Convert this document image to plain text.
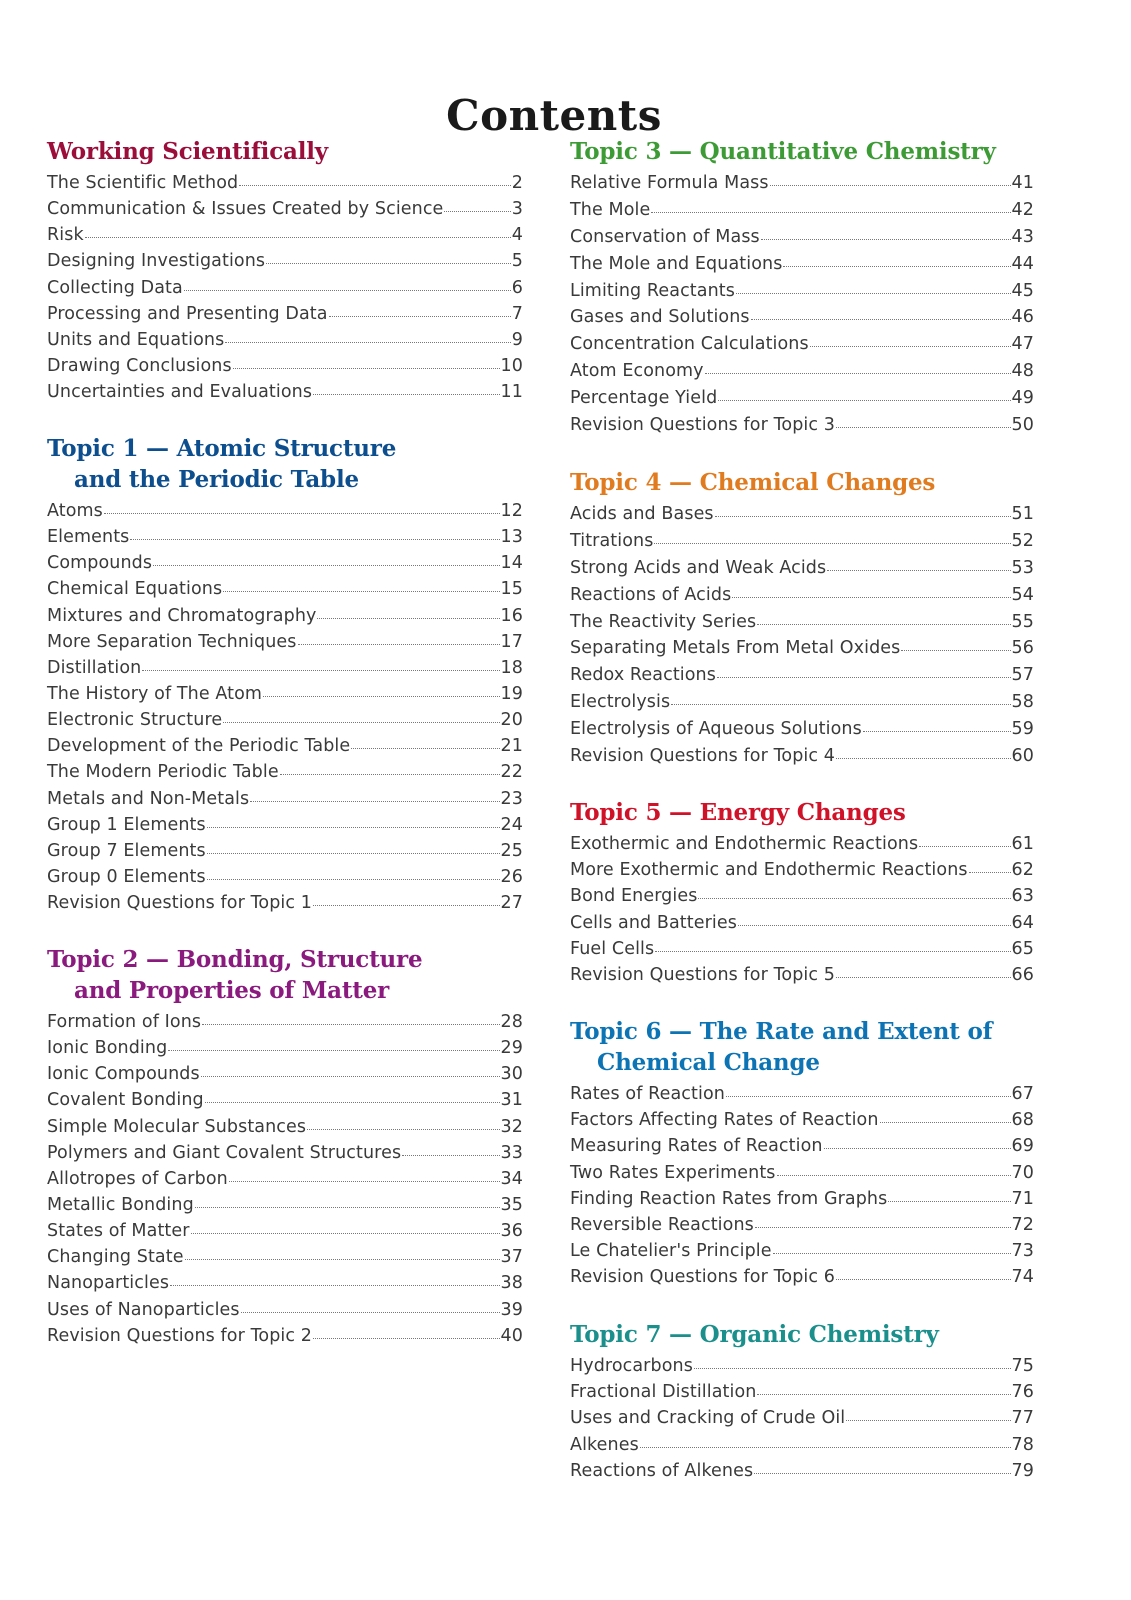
Contents
Working Scientifically
The Scientific Method	2
Communication & Issues Created by Science	3
Risk	4
Designing Investigations	5
Collecting Data	6
Processing and Presenting Data	7
Units and Equations	9
Drawing Conclusions	10
Uncertainties and Evaluations	11
Topic 1 — Atomic Structure
and the Periodic Table
Atoms	12
Elements	13
Compounds	14
Chemical Equations	15
Mixtures and Chromatography	16
More Separation Techniques	17
Distillation	18
The History of The Atom	19
Electronic Structure	20
Development of the Periodic Table	21
The Modern Periodic Table	22
Metals and Non-Metals	23
Group 1 Elements	24
Group 7 Elements	25
Group 0 Elements	26
Revision Questions for Topic 1	27
Topic 2 — Bonding, Structure
and Properties of Matter
Formation of Ions	28
Ionic Bonding	29
Ionic Compounds	30
Covalent Bonding	31
Simple Molecular Substances	32
Polymers and Giant Covalent Structures	33
Allotropes of Carbon	34
Metallic Bonding	35
States of Matter	36
Changing State	37
Nanoparticles	38
Uses of Nanoparticles	39
Revision Questions for Topic 2	40
Topic 3 — Quantitative Chemistry
Relative Formula Mass	41
The Mole	42
Conservation of Mass	43
The Mole and Equations	44
Limiting Reactants	45
Gases and Solutions	46
Concentration Calculations	47
Atom Economy	48
Percentage Yield	49
Revision Questions for Topic 3	50
Topic 4 — Chemical Changes
Acids and Bases	51
Titrations	52
Strong Acids and Weak Acids	53
Reactions of Acids	54
The Reactivity Series	55
Separating Metals From Metal Oxides	56
Redox Reactions	57
Electrolysis	58
Electrolysis of Aqueous Solutions	59
Revision Questions for Topic 4	60
Topic 5 — Energy Changes
Exothermic and Endothermic Reactions	61
More Exothermic and Endothermic Reactions	62
Bond Energies	63
Cells and Batteries	64
Fuel Cells	65
Revision Questions for Topic 5	66
Topic 6 — The Rate and Extent of
Chemical Change
Rates of Reaction	67
Factors Affecting Rates of Reaction	68
Measuring Rates of Reaction	69
Two Rates Experiments	70
Finding Reaction Rates from Graphs	71
Reversible Reactions	72
Le Chatelier's Principle	73
Revision Questions for Topic 6	74
Topic 7 — Organic Chemistry
Hydrocarbons	75
Fractional Distillation	76
Uses and Cracking of Crude Oil	77
Alkenes	78
Reactions of Alkenes	79
